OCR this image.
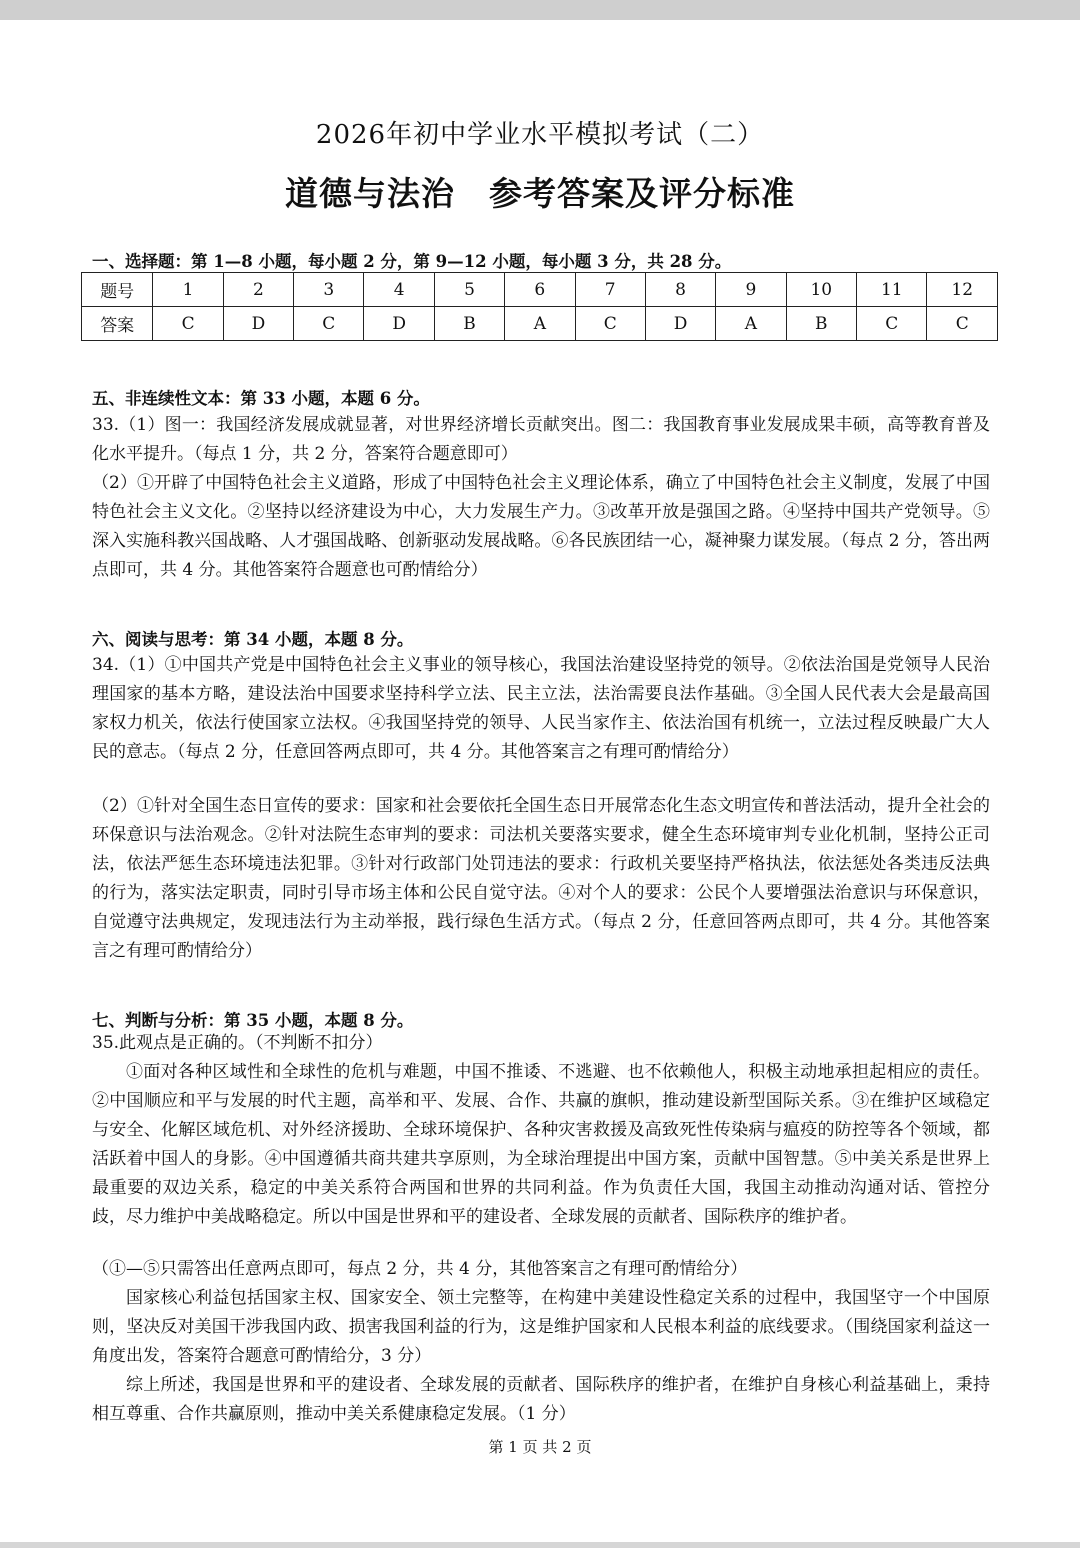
2026年初中学业水平模拟考试（二）
道德与法治 参考答案及评分标准
一、选择题：第 1—8 小题，每小题 2 分，第 9—12 小题，每小题 3 分，共 28 分。
题号	1	2	3	4	5	6	7	8	9	10	11	12
答案	C	D	C	D	B	A	C	D	A	B	C	C
五、非连续性文本：第 33 小题，本题 6 分。

33.（1）图一：我国经济发展成就显著，对世界经济增长贡献突出。图二：我国教育事业发展成果丰硕，高等教育普及化水平提升。（每点 1 分，共 2 分，答案符合题意即可）

（2）①开辟了中国特色社会主义道路，形成了中国特色社会主义理论体系，确立了中国特色社会主义制度，发展了中国特色社会主义文化。②坚持以经济建设为中心，大力发展生产力。③改革开放是强国之路。④坚持中国共产党领导。⑤深入实施科教兴国战略、人才强国战略、创新驱动发展战略。⑥各民族团结一心，凝神聚力谋发展。（每点 2 分，答出两点即可，共 4 分。其他答案符合题意也可酌情给分）

六、阅读与思考：第 34 小题，本题 8 分。

34.（1）①中国共产党是中国特色社会主义事业的领导核心，我国法治建设坚持党的领导。②依法治国是党领导人民治理国家的基本方略，建设法治中国要求坚持科学立法、民主立法，法治需要良法作基础。③全国人民代表大会是最高国家权力机关，依法行使国家立法权。④我国坚持党的领导、人民当家作主、依法治国有机统一，立法过程反映最广大人民的意志。（每点 2 分，任意回答两点即可，共 4 分。其他答案言之有理可酌情给分）

（2）①针对全国生态日宣传的要求：国家和社会要依托全国生态日开展常态化生态文明宣传和普法活动，提升全社会的环保意识与法治观念。②针对法院生态审判的要求：司法机关要落实要求，健全生态环境审判专业化机制，坚持公正司法，依法严惩生态环境违法犯罪。③针对行政部门处罚违法的要求：行政机关要坚持严格执法，依法惩处各类违反法典的行为，落实法定职责，同时引导市场主体和公民自觉守法。④对个人的要求：公民个人要增强法治意识与环保意识，自觉遵守法典规定，发现违法行为主动举报，践行绿色生活方式。（每点 2 分，任意回答两点即可，共 4 分。其他答案言之有理可酌情给分）

七、判断与分析：第 35 小题，本题 8 分。

35.此观点是正确的。（不判断不扣分）

①面对各种区域性和全球性的危机与难题，中国不推诿、不逃避、也不依赖他人，积极主动地承担起相应的责任。②中国顺应和平与发展的时代主题，高举和平、发展、合作、共赢的旗帜，推动建设新型国际关系。③在维护区域稳定与安全、化解区域危机、对外经济援助、全球环境保护、各种灾害救援及高致死性传染病与瘟疫的防控等各个领域，都活跃着中国人的身影。④中国遵循共商共建共享原则，为全球治理提出中国方案，贡献中国智慧。⑤中美关系是世界上最重要的双边关系，稳定的中美关系符合两国和世界的共同利益。作为负责任大国，我国主动推动沟通对话、管控分歧，尽力维护中美战略稳定。所以中国是世界和平的建设者、全球发展的贡献者、国际秩序的维护者。

（①—⑤只需答出任意两点即可，每点 2 分，共 4 分，其他答案言之有理可酌情给分）

国家核心利益包括国家主权、国家安全、领土完整等，在构建中美建设性稳定关系的过程中，我国坚守一个中国原则，坚决反对美国干涉我国内政、损害我国利益的行为，这是维护国家和人民根本利益的底线要求。（围绕国家利益这一角度出发，答案符合题意可酌情给分，3 分）

综上所述，我国是世界和平的建设者、全球发展的贡献者、国际秩序的维护者，在维护自身核心利益基础上，秉持相互尊重、合作共赢原则，推动中美关系健康稳定发展。（1 分）

第 1 页 共 2 页
